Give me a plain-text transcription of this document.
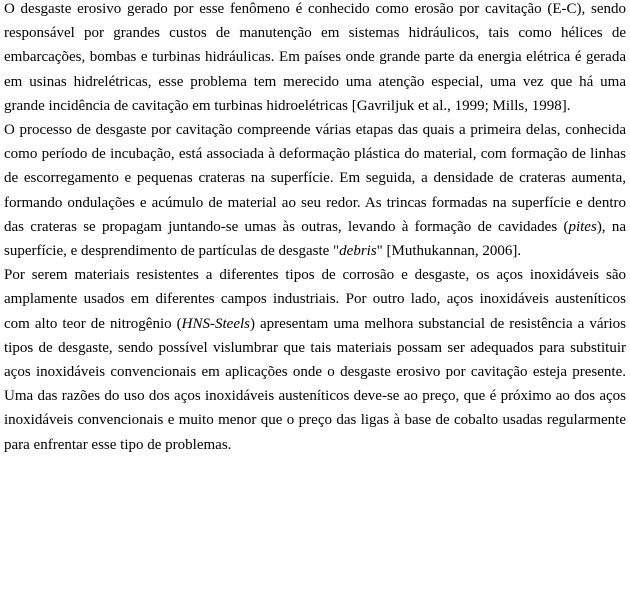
O desgaste erosivo gerado por esse fenômeno é conhecido como erosão por cavitação (E-C), sendo responsável por grandes custos de manutenção em sistemas hidráulicos, tais como hélices de embarcações, bombas e turbinas hidráulicas. Em países onde grande parte da energia elétrica é gerada em usinas hidrelétricas, esse problema tem merecido uma atenção especial, uma vez que há uma grande incidência de cavitação em turbinas hidroelétricas [Gavriljuk et al., 1999; Mills, 1998].

O processo de desgaste por cavitação compreende várias etapas das quais a primeira delas, conhecida como período de incubação, está associada à deformação plástica do material, com formação de linhas de escorregamento e pequenas crateras na superfície. Em seguida, a densidade de crateras aumenta, formando ondulações e acúmulo de material ao seu redor. As trincas formadas na superfície e dentro das crateras se propagam juntando-se umas às outras, levando à formação de cavidades (pites), na superfície, e desprendimento de partículas de desgaste "debris" [Muthukannan, 2006].

Por serem materiais resistentes a diferentes tipos de corrosão e desgaste, os aços inoxidáveis são amplamente usados em diferentes campos industriais. Por outro lado, aços inoxidáveis austeníticos com alto teor de nitrogênio (HNS-Steels) apresentam uma melhora substancial de resistência a vários tipos de desgaste, sendo possível vislumbrar que tais materiais possam ser adequados para substituir aços inoxidáveis convencionais em aplicações onde o desgaste erosivo por cavitação esteja presente. Uma das razões do uso dos aços inoxidáveis austeníticos deve-se ao preço, que é próximo ao dos aços inoxidáveis convencionais e muito menor que o preço das ligas à base de cobalto usadas regularmente para enfrentar esse tipo de problemas.
